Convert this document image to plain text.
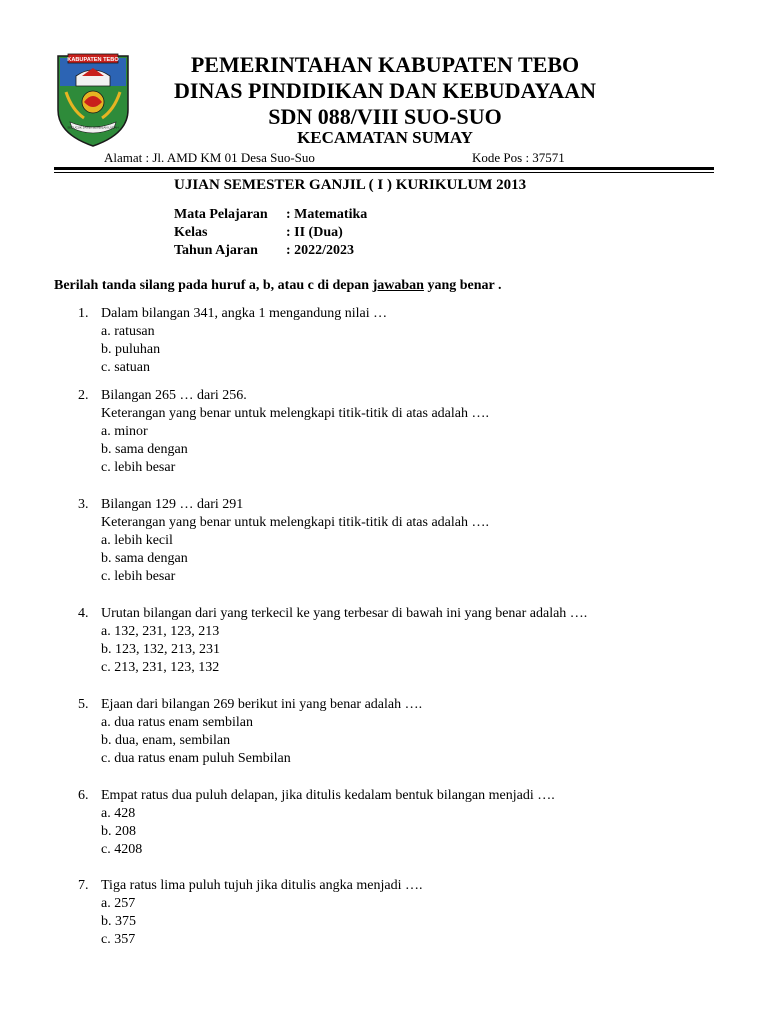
KABUPATEN TEBO
SEPUCUK JAMBI SEMBILAN LURAH
PEMERINTAHAN KABUPATEN TEBO
DINAS PINDIDIKAN DAN KEBUDAYAAN
SDN 088/VIII SUO-SUO
KECAMATAN SUMAY
Alamat : Jl. AMD KM 01 Desa Suo-Suo	Kode Pos : 37571
UJIAN SEMESTER GANJIL ( I ) KURIKULUM 2013
Mata Pelajaran : Matematika
Kelas	: II (Dua)
Tahun Ajaran : 2022/2023
Berilah tanda silang pada huruf a, b, atau c di depan jawaban yang benar .
1. Dalam bilangan 341, angka 1 mengandung nilai …
a. ratusan
b. puluhan
c. satuan
2. Bilangan 265 … dari 256.
Keterangan yang benar untuk melengkapi titik-titik di atas adalah ….
a. minor
b. sama dengan
c. lebih besar
3. Bilangan 129 … dari 291
Keterangan yang benar untuk melengkapi titik-titik di atas adalah ….
a. lebih kecil
b. sama dengan
c. lebih besar
4. Urutan bilangan dari yang terkecil ke yang terbesar di bawah ini yang benar adalah ….
a. 132, 231, 123, 213
b. 123, 132, 213, 231
c. 213, 231, 123, 132
5. Ejaan dari bilangan 269 berikut ini yang benar adalah ….
a. dua ratus enam sembilan
b. dua, enam, sembilan
c. dua ratus enam puluh Sembilan
6. Empat ratus dua puluh delapan, jika ditulis kedalam bentuk bilangan menjadi ….
a. 428
b. 208
c. 4208
7. Tiga ratus lima puluh tujuh jika ditulis angka menjadi ….
a. 257
b. 375
c. 357
